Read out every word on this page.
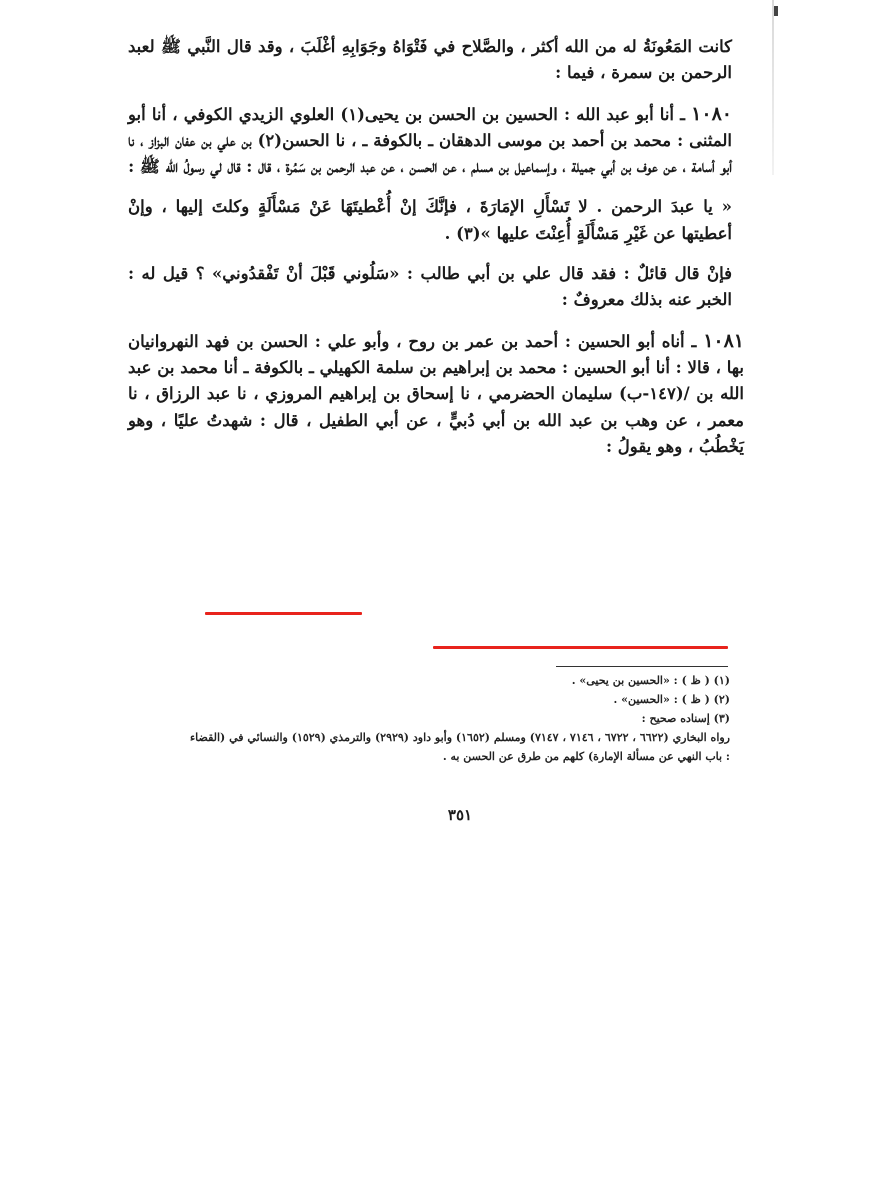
كانت المَعُونَةُ له من الله أكثر ، والصَّلاح في فَتْوَاهُ وجَوَابِهِ أغْلَبَ ، وقد قال النَّبي ﷺ لعبد الرحمن بن سمرة ، فيما :

١٠٨٠ ـ أنا أبو عبد الله : الحسين بن الحسن بن يحيى(١) العلوي الزيدي الكوفي ، أنا أبو المثنى : محمد بن أحمد بن موسى الدهقان ـ بالكوفة ـ ، نا الحسن(٢) بن علي بن عفان البزاز ، نا أبو أسامة ، عن عوف بن أبي جميلة ، وإسماعيل بن مسلم ، عن الحسن ، عن عبد الرحمن بن سَمُرة ، قال : قال لي رسولُ الله ﷺ :

« يا عبدَ الرحمن . لا تَسْأَلِ الإمَارَةَ ، فإنَّكَ إنْ أُعْطيتَهَا عَنْ مَسْأَلَةٍ وكلتَ إليها ، وإنْ أعطيتها عن غَيْرِ مَسْأَلَةٍ أُعِنْتَ عليها »(٣) .

فإنْ قال قائلٌ : فقد قال علي بن أبي طالب : «سَلُوني قَبْلَ أنْ تَفْقدُوني» ؟ قيل له : الخبر عنه بذلك معروفٌ :

١٠٨١ ـ أناه أبو الحسين : أحمد بن عمر بن روح ، وأبو علي : الحسن بن فهد النهروانيان بها ، قالا : أنا أبو الحسين : محمد بن إبراهيم بن سلمة الكهيلي ـ بالكوفة ـ أنا محمد بن عبد الله بن /(١٤٧-ب) سليمان الحضرمي ، نا إسحاق بن إبراهيم المروزي ، نا عبد الرزاق ، نا معمر ، عن وهب بن عبد الله بن أبي دُبيٍّ ، عن أبي الطفيل ، قال : شهدتُ عليًا ، وهو يَخْطُبُ ، وهو يقولُ :

(١) ( ظ ) : «الحسين بن يحيى» .
(٢) ( ظ ) : «الحسين» .
(٣) إسناده صحيح :
رواه البخاري (٦٦٢٢ ، ٦٧٢٢ ، ٧١٤٦ ، ٧١٤٧) ومسلم (١٦٥٢) وأبو داود (٢٩٢٩) والترمذي (١٥٢٩) والنسائي في (القضاء : باب النهي عن مسألة الإمارة) كلهم من طرق عن الحسن به .
٣٥١
